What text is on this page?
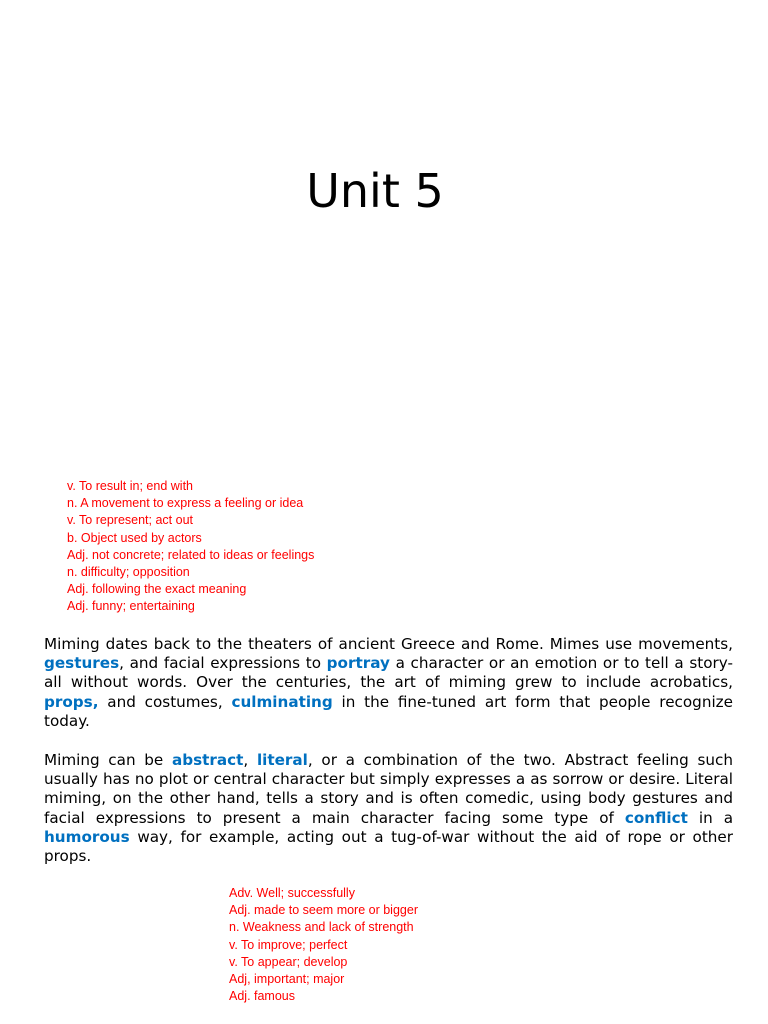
Unit 5
v. To result in; end with
n. A movement to express a feeling or idea
v. To represent; act out
b. Object used by actors
Adj. not concrete; related to ideas or feelings
n. difficulty; opposition
Adj. following the exact meaning
Adj. funny; entertaining

Miming dates back to the theaters of ancient Greece and Rome. Mimes use movements, gestures, and facial expressions to portray a character or an emotion or to tell a story-all without words. Over the centuries, the art of miming grew to include acrobatics, props, and costumes, culminating in the fine-tuned art form that people recognize today.

Miming can be abstract, literal, or a combination of the two. Abstract feeling such usually has no plot or central character but simply expresses a as sorrow or desire. Literal miming, on the other hand, tells a story and is often comedic, using body gestures and facial expressions to present a main character facing some type of conflict in a humorous way, for example, acting out a tug-of-war without the aid of rope or other props.

Adv. Well; successfully
Adj. made to seem more or bigger
n. Weakness and lack of strength
v. To improve; perfect
v. To appear; develop
Adj, important; major
Adj. famous
